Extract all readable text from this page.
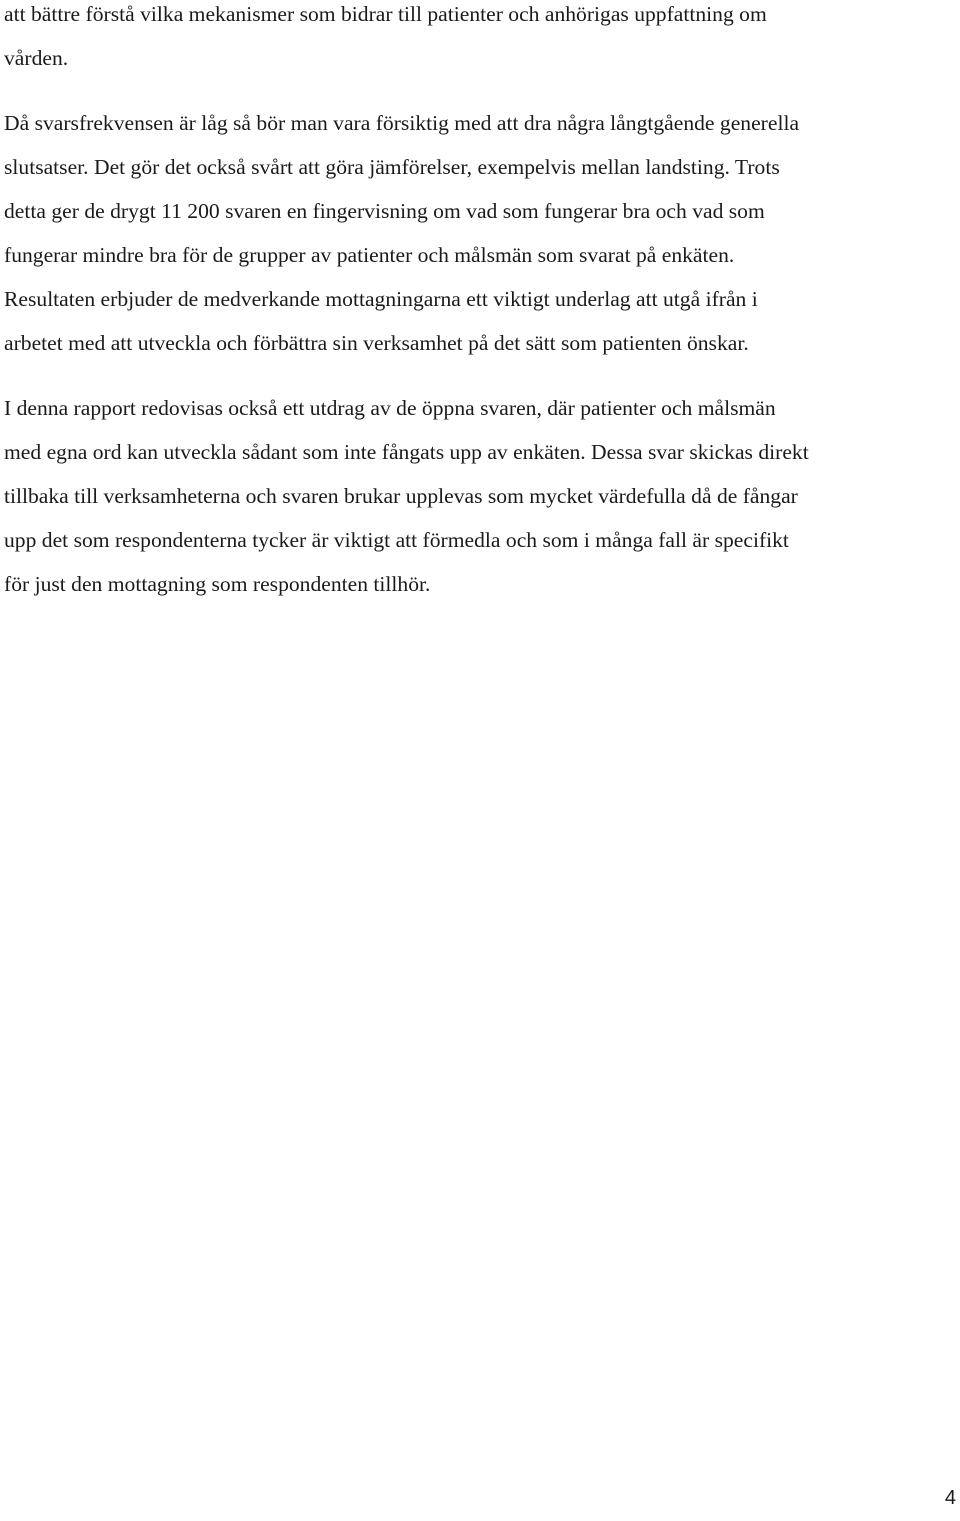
att bättre förstå vilka mekanismer som bidrar till patienter och anhörigas uppfattning om
vården.

Då svarsfrekvensen är låg så bör man vara försiktig med att dra några långtgående generella
slutsatser. Det gör det också svårt att göra jämförelser, exempelvis mellan landsting. Trots
detta ger de drygt 11 200 svaren en fingervisning om vad som fungerar bra och vad som
fungerar mindre bra för de grupper av patienter och målsmän som svarat på enkäten.
Resultaten erbjuder de medverkande mottagningarna ett viktigt underlag att utgå ifrån i
arbetet med att utveckla och förbättra sin verksamhet på det sätt som patienten önskar.

I denna rapport redovisas också ett utdrag av de öppna svaren, där patienter och målsmän
med egna ord kan utveckla sådant som inte fångats upp av enkäten. Dessa svar skickas direkt
tillbaka till verksamheterna och svaren brukar upplevas som mycket värdefulla då de fångar
upp det som respondenterna tycker är viktigt att förmedla och som i många fall är specifikt
för just den mottagning som respondenten tillhör.

4
